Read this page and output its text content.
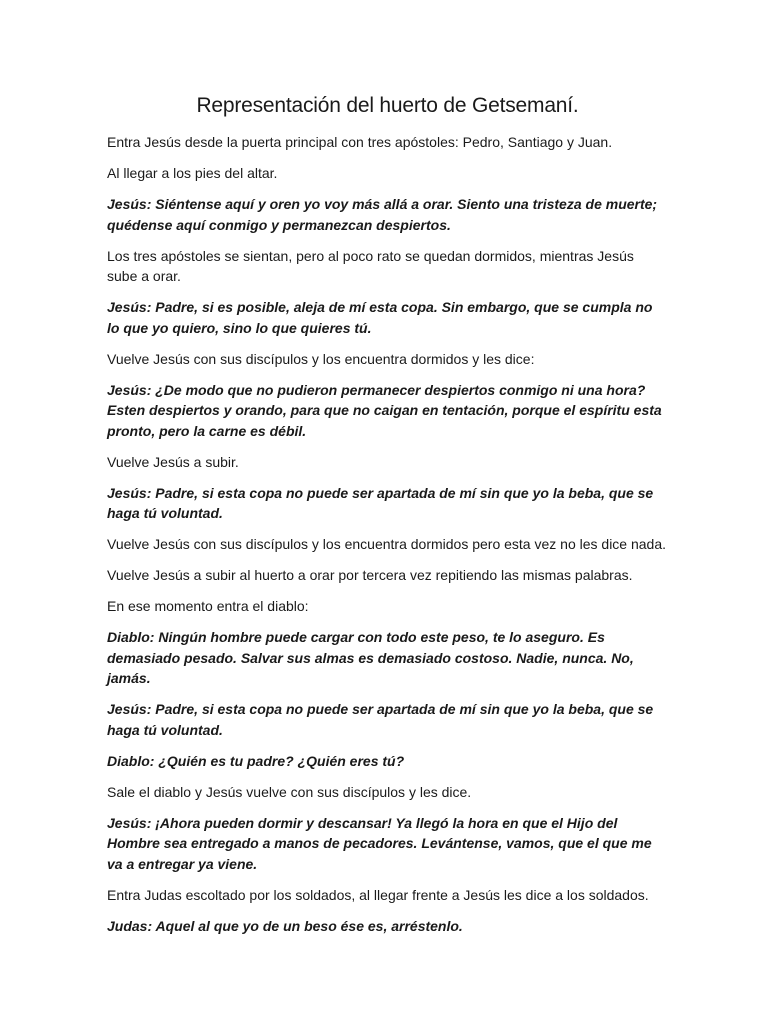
Representación del huerto de Getsemaní.

Entra Jesús desde la puerta principal con tres apóstoles: Pedro, Santiago y Juan.

Al llegar a los pies del altar.

Jesús: Siéntense aquí y oren yo voy más allá a orar. Siento una tristeza de muerte; quédense aquí conmigo y permanezcan despiertos.

Los tres apóstoles se sientan, pero al poco rato se quedan dormidos, mientras Jesús sube a orar.

Jesús: Padre, si es posible, aleja de mí esta copa. Sin embargo, que se cumpla no lo que yo quiero, sino lo que quieres tú.

Vuelve Jesús con sus discípulos y los encuentra dormidos y les dice:

Jesús: ¿De modo que no pudieron permanecer despiertos conmigo ni una hora? Esten despiertos y orando, para que no caigan en tentación, porque el espíritu esta pronto, pero la carne es débil.

Vuelve Jesús a subir.

Jesús: Padre, si esta copa no puede ser apartada de mí sin que yo la beba, que se haga tú voluntad.

Vuelve Jesús con sus discípulos y los encuentra dormidos pero esta vez no les dice nada.

Vuelve Jesús a subir al huerto a orar por tercera vez repitiendo las mismas palabras.

En ese momento entra el diablo:

Diablo: Ningún hombre puede cargar con todo este peso, te lo aseguro. Es demasiado pesado. Salvar sus almas es demasiado costoso. Nadie, nunca. No, jamás.

Jesús: Padre, si esta copa no puede ser apartada de mí sin que yo la beba, que se haga tú voluntad.

Diablo: ¿Quién es tu padre? ¿Quién eres tú?

Sale el diablo y Jesús vuelve con sus discípulos y les dice.

Jesús: ¡Ahora pueden dormir y descansar! Ya llegó la hora en que el Hijo del Hombre sea entregado a manos de pecadores. Levántense, vamos, que el que me va a entregar ya viene.

Entra Judas escoltado por los soldados, al llegar frente a Jesús les dice a los soldados.

Judas: Aquel al que yo de un beso ése es, arréstenlo.
